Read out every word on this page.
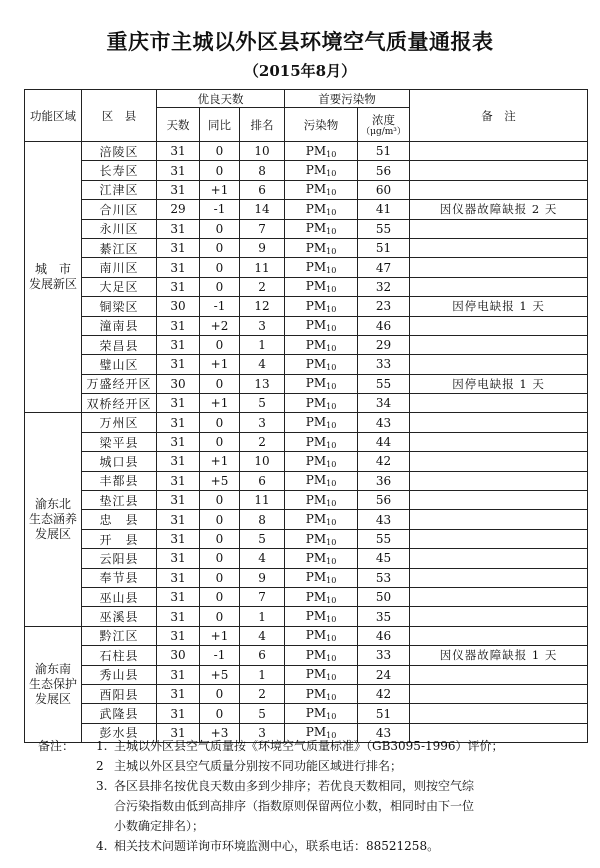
重庆市主城以外区县环境空气质量通报表
（2015年8月）
功能区域	区　县	优良天数			首要污染物		备　注
		天数	同比	排名	污染物	浓度
（μg/m³）	

城　市
发展新区	涪陵区	31	0	10	$PM_{10}$	51	
	长寿区	31	0	8	$PM_{10}$	56	
	江津区	31	+1	6	$PM_{10}$	60	
	合川区	29	-1	14	$PM_{10}$	41	因仪器故障缺报 2 天
	永川区	31	0	7	$PM_{10}$	55	
	綦江区	31	0	9	$PM_{10}$	51	
	南川区	31	0	11	$PM_{10}$	47	
	大足区	31	0	2	$PM_{10}$	32	
	铜梁区	30	-1	12	$PM_{10}$	23	因停电缺报 1 天
	潼南县	31	+2	3	$PM_{10}$	46	
	荣昌县	31	0	1	$PM_{10}$	29	
	璧山区	31	+1	4	$PM_{10}$	33	
	万盛经开区	30	0	13	$PM_{10}$	55	因停电缺报 1 天
	双桥经开区	31	+1	5	$PM_{10}$	34	

渝东北
生态涵养
发展区	万州区	31	0	3	$PM_{10}$	43	
	梁平县	31	0	2	$PM_{10}$	44	
	城口县	31	+1	10	$PM_{10}$	42	
	丰都县	31	+5	6	$PM_{10}$	36	
	垫江县	31	0	11	$PM_{10}$	56	
	忠　县	31	0	8	$PM_{10}$	43	
	开　县	31	0	5	$PM_{10}$	55	
	云阳县	31	0	4	$PM_{10}$	45	
	奉节县	31	0	9	$PM_{10}$	53	
	巫山县	31	0	7	$PM_{10}$	50	
	巫溪县	31	0	1	$PM_{10}$	35	

渝东南
生态保护
发展区	黔江区	31	+1	4	$PM_{10}$	46	
	石柱县	30	-1	6	$PM_{10}$	33	因仪器故障缺报 1 天
	秀山县	31	+5	1	$PM_{10}$	24	
	酉阳县	31	0	2	$PM_{10}$	42	
	武隆县	31	0	5	$PM_{10}$	51	
	彭水县	31	+3	3	$PM_{10}$	43	
备注：	1. 主城以外区县空气质量按《环境空气质量标准》（GB3095-1996）评价；
2 主城以外区县空气质量分别按不同功能区域进行排名；
3. 各区县排名按优良天数由多到少排序；若优良天数相同，则按空气综
合污染指数由低到高排序（指数原则保留两位小数，相同时由下一位
小数确定排名）；
4. 相关技术问题详询市环境监测中心，联系电话：88521258。
